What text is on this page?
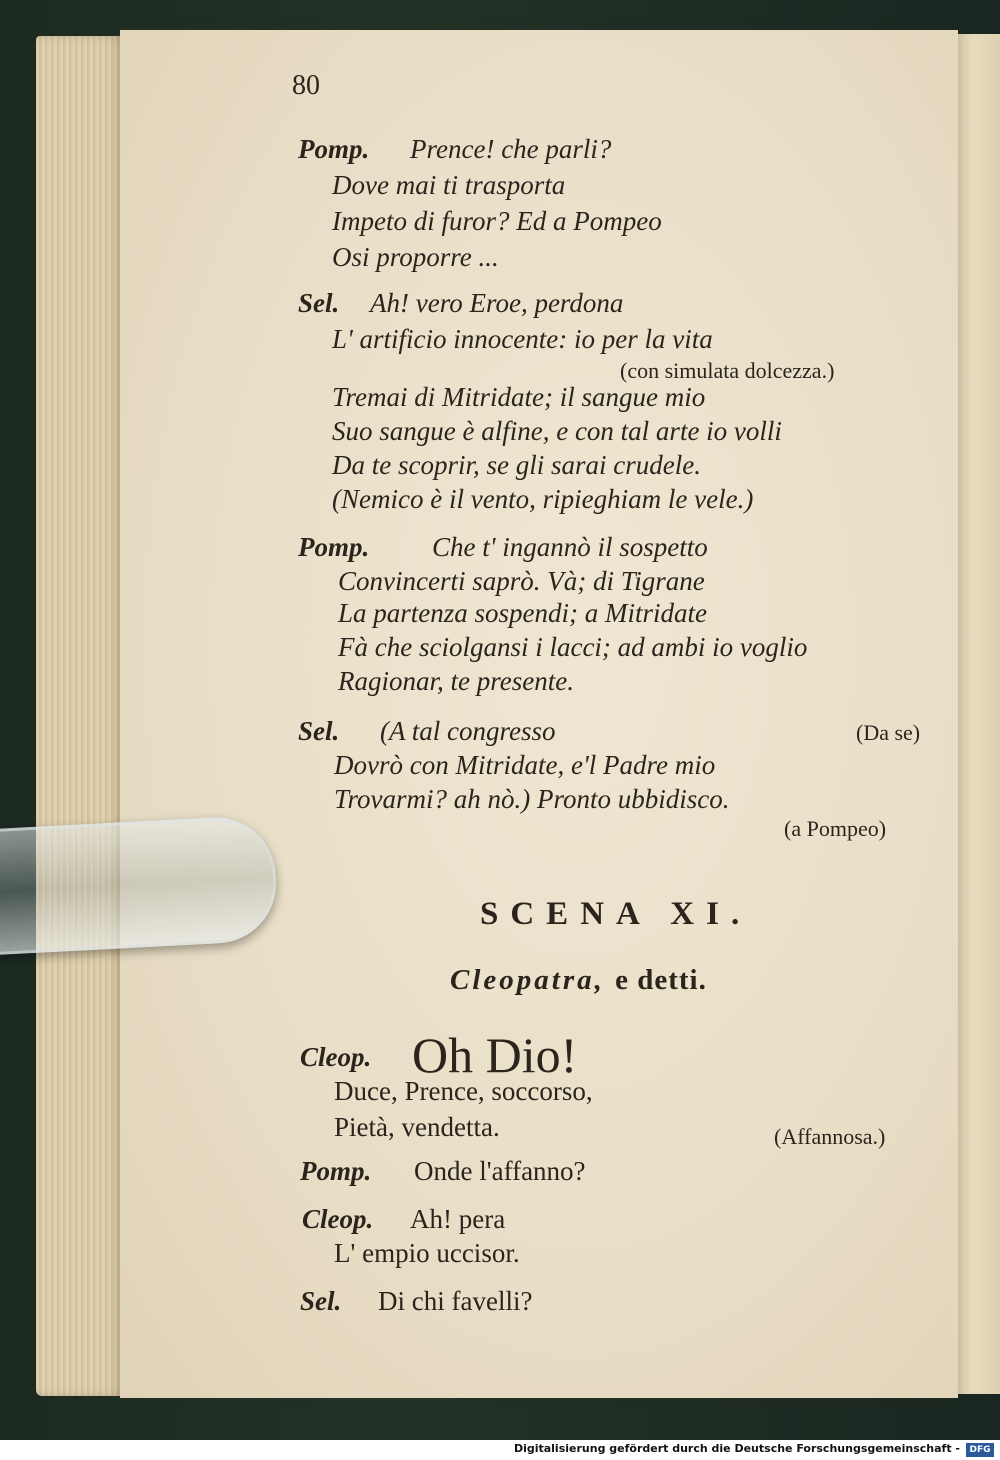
80
Pomp. Prence! che parli?
Dove mai ti trasporta
Impeto di furor? Ed a Pompeo
Osi proporre ...
Sel. Ah! vero Eroe, perdona
L' artificio innocente: io per la vita
(con simulata dolcezza.)
Tremai di Mitridate; il sangue mio
Suo sangue è alfine, e con tal arte io volli
Da te scoprir, se gli sarai crudele.
(Nemico è il vento, ripieghiam le vele.)
Pomp. Che t' ingannò il sospetto
Convincerti saprò. Và; di Tigrane
La partenza sospendi; a Mitridate
Fà che sciolgansi i lacci; ad ambi io voglio
Ragionar, te presente.
Sel. (A tal congresso	(Da se)
Dovrò con Mitridate, e'l Padre mio
Trovarmi? ah nò.) Pronto ubbidisco.
(a Pompeo)
SCENA XI.
Cleopatra, e detti.
Cleop. Oh Dio!
Duce, Prence, soccorso,
Pietà, vendetta.	(Affannosa.)
Pomp. Onde l'affanno?
Cleop. Ah! pera
L' empio uccisor.
Sel. Di chi favelli?
Digitalisierung gefördert durch die Deutsche Forschungsgemeinschaft -	DFG
